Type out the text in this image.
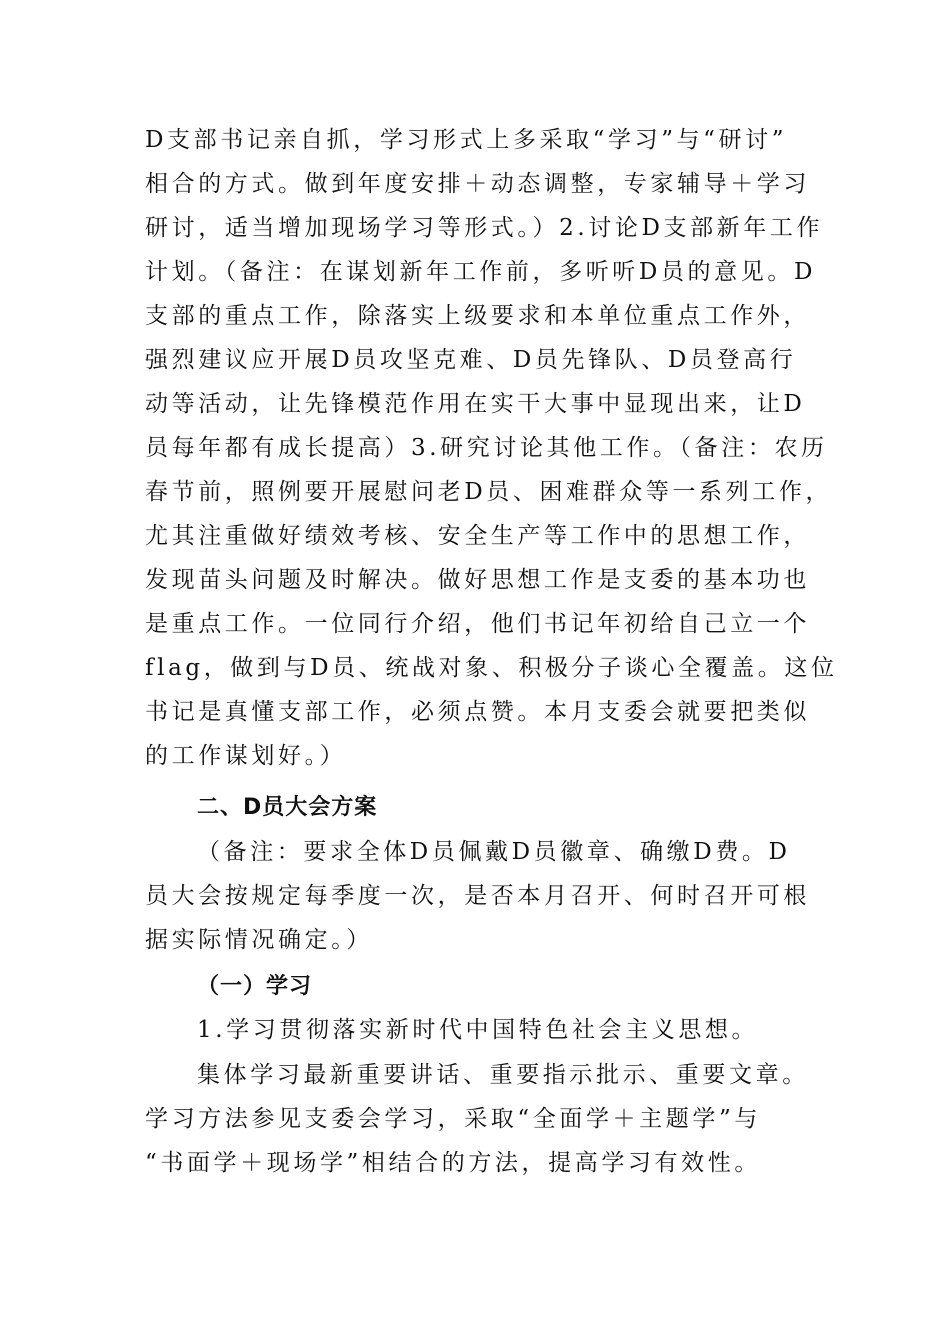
D支部书记亲自抓，学习形式上多采取“学习”与“研讨”
相合的方式。做到年度安排＋动态调整，专家辅导＋学习
研讨，适当增加现场学习等形式。）2.讨论D支部新年工作
计划。（备注：在谋划新年工作前，多听听D员的意见。D
支部的重点工作，除落实上级要求和本单位重点工作外，
强烈建议应开展D员攻坚克难、D员先锋队、D员登高行
动等活动，让先锋模范作用在实干大事中显现出来，让D
员每年都有成长提高）3.研究讨论其他工作。（备注：农历
春节前，照例要开展慰问老D员、困难群众等一系列工作，
尤其注重做好绩效考核、安全生产等工作中的思想工作，
发现苗头问题及时解决。做好思想工作是支委的基本功也
是重点工作。一位同行介绍，他们书记年初给自己立一个
flag，做到与D员、统战对象、积极分子谈心全覆盖。这位
书记是真懂支部工作，必须点赞。本月支委会就要把类似
的工作谋划好。）
二、D员大会方案
（备注：要求全体D员佩戴D员徽章、确缴D费。D
员大会按规定每季度一次，是否本月召开、何时召开可根
据实际情况确定。）
（一）学习
1.学习贯彻落实新时代中国特色社会主义思想。
集体学习最新重要讲话、重要指示批示、重要文章。
学习方法参见支委会学习，采取“全面学＋主题学”与
“书面学＋现场学”相结合的方法，提高学习有效性。
